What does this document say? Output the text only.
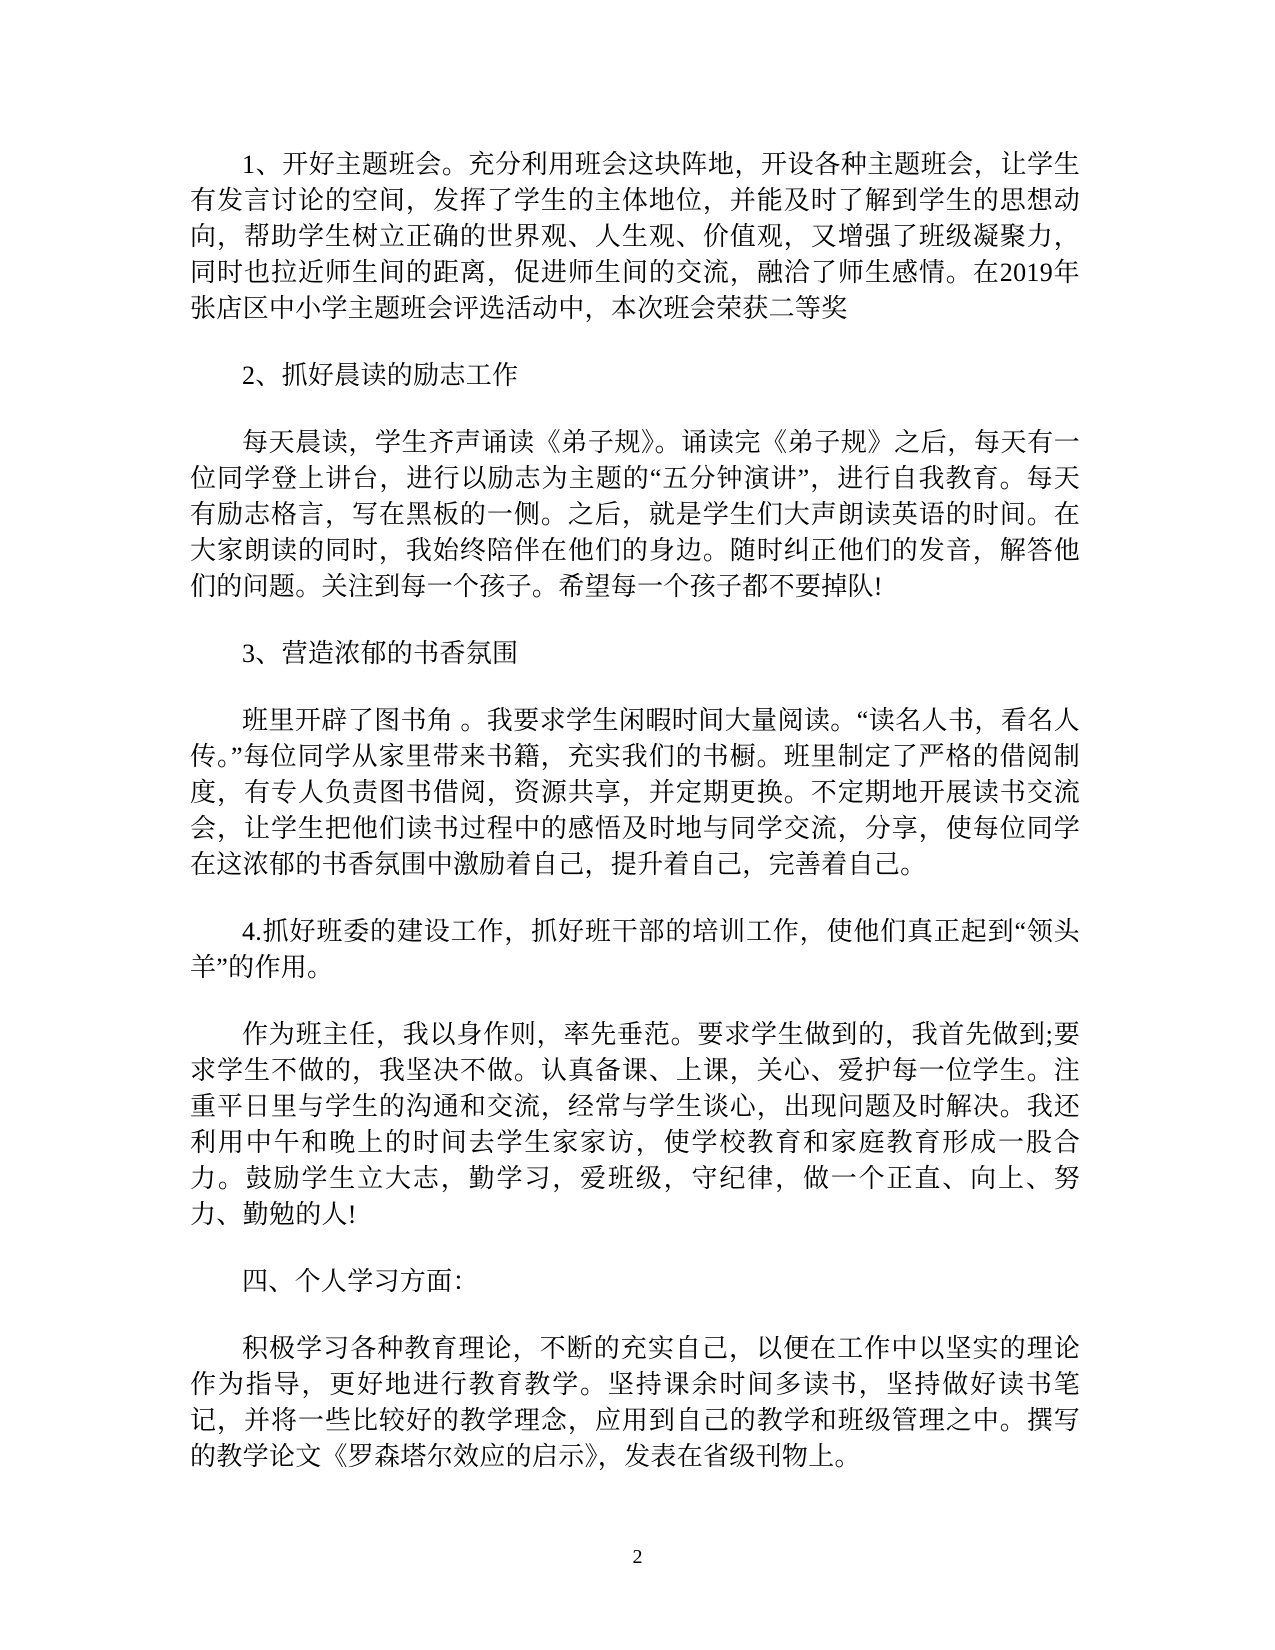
1、开好主题班会。充分利用班会这块阵地，开设各种主题班会，让学生有发言讨论的空间，发挥了学生的主体地位，并能及时了解到学生的思想动向，帮助学生树立正确的世界观、人生观、价值观，又增强了班级凝聚力，同时也拉近师生间的距离，促进师生间的交流，融洽了师生感情。在2019年张店区中小学主题班会评选活动中，本次班会荣获二等奖

2、抓好晨读的励志工作

每天晨读，学生齐声诵读《弟子规》。诵读完《弟子规》之后，每天有一位同学登上讲台，进行以励志为主题的“五分钟演讲”，进行自我教育。每天有励志格言，写在黑板的一侧。之后，就是学生们大声朗读英语的时间。在大家朗读的同时，我始终陪伴在他们的身边。随时纠正他们的发音，解答他们的问题。关注到每一个孩子。希望每一个孩子都不要掉队!

3、营造浓郁的书香氛围

班里开辟了图书角 。我要求学生闲暇时间大量阅读。“读名人书，看名人传。”每位同学从家里带来书籍，充实我们的书橱。班里制定了严格的借阅制度，有专人负责图书借阅，资源共享，并定期更换。不定期地开展读书交流会，让学生把他们读书过程中的感悟及时地与同学交流，分享，使每位同学在这浓郁的书香氛围中激励着自己，提升着自己，完善着自己。

4.抓好班委的建设工作，抓好班干部的培训工作，使他们真正起到“领头羊”的作用。

作为班主任，我以身作则，率先垂范。要求学生做到的，我首先做到;要求学生不做的，我坚决不做。认真备课、上课，关心、爱护每一位学生。注重平日里与学生的沟通和交流，经常与学生谈心，出现问题及时解决。我还利用中午和晚上的时间去学生家家访，使学校教育和家庭教育形成一股合力。鼓励学生立大志，勤学习，爱班级，守纪律，做一个正直、向上、努力、勤勉的人!

四、个人学习方面：

积极学习各种教育理论，不断的充实自己，以便在工作中以坚实的理论作为指导，更好地进行教育教学。坚持课余时间多读书，坚持做好读书笔记，并将一些比较好的教学理念，应用到自己的教学和班级管理之中。撰写的教学论文《罗森塔尔效应的启示》，发表在省级刊物上。

2
